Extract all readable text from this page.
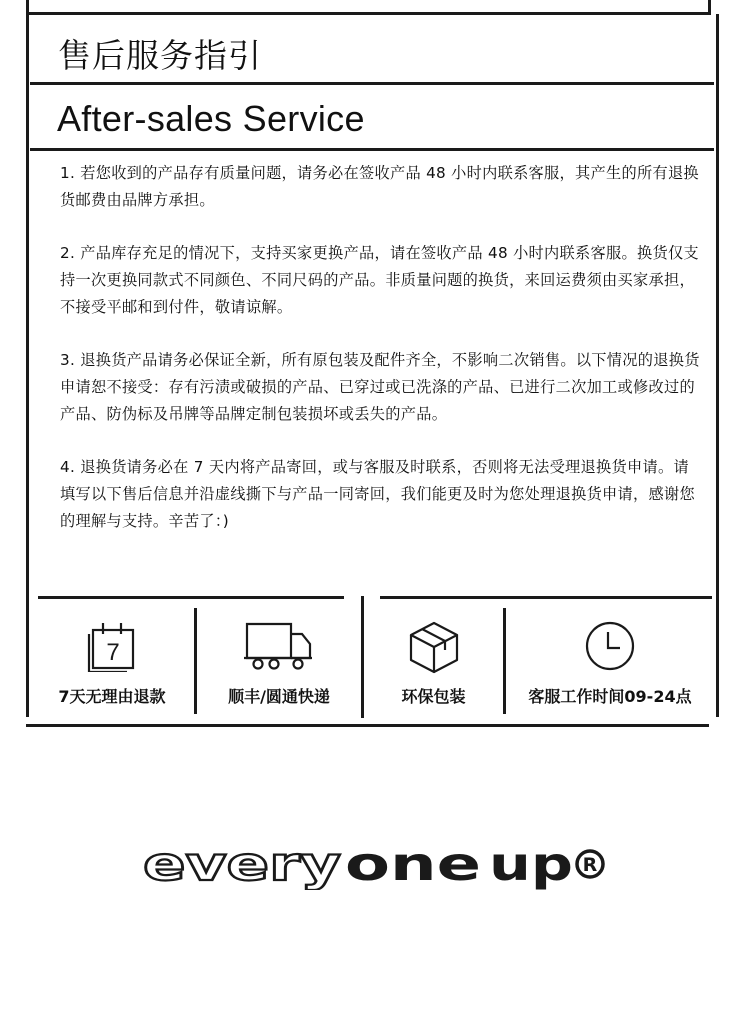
售后服务指引
After-sales Service

1. 若您收到的产品存有质量问题，请务必在签收产品 48 小时内联系客服，其产生的所有退换货邮费由品牌方承担。

2. 产品库存充足的情况下，支持买家更换产品，请在签收产品 48 小时内联系客服。换货仅支持一次更换同款式不同颜色、不同尺码的产品。非质量问题的换货，来回运费须由买家承担，不接受平邮和到付件，敬请谅解。

3. 退换货产品请务必保证全新，所有原包装及配件齐全，不影响二次销售。以下情况的退换货申请恕不接受：存有污渍或破损的产品、已穿过或已洗涤的产品、已进行二次加工或修改过的产品、防伪标及吊牌等品牌定制包装损坏或丢失的产品。

4. 退换货请务必在 7 天内将产品寄回，或与客服及时联系，否则将无法受理退换货申请。请填写以下售后信息并沿虚线撕下与产品一同寄回，我们能更及时为您处理退换货申请，感谢您的理解与支持。辛苦了：)

7
7天无理由退款	顺丰/圆通快递	环保包装	客服工作时间09-24点
every one up R
